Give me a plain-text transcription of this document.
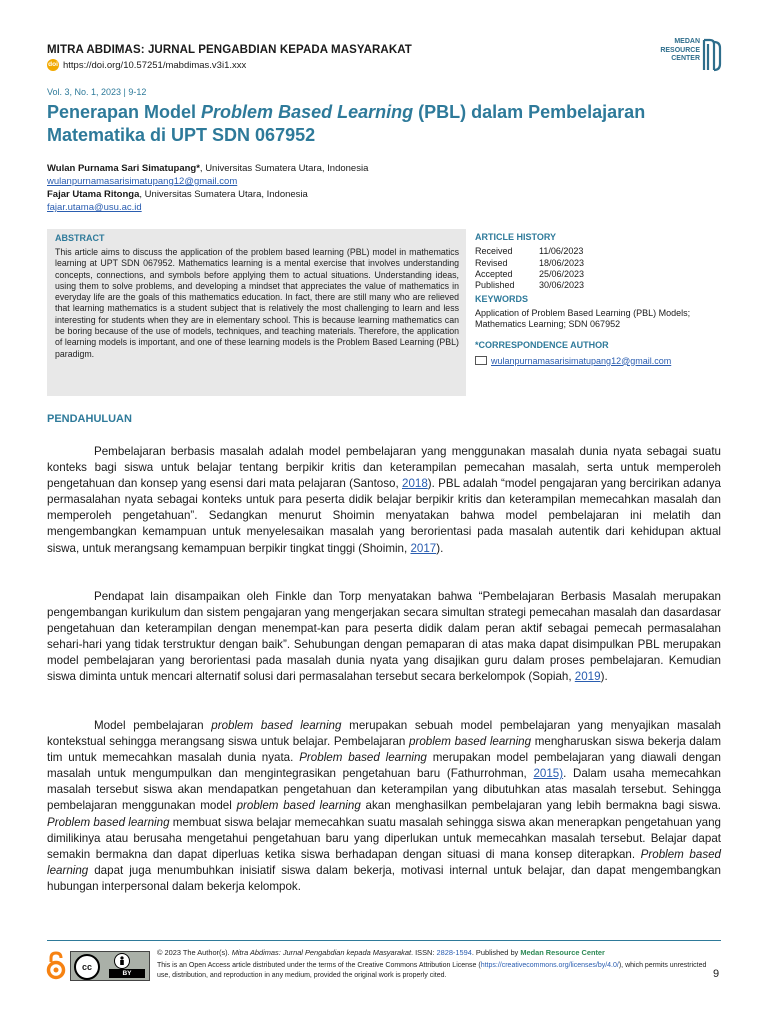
MITRA ABDIMAS: JURNAL PENGABDIAN KEPADA MASYARAKAT
doi https://doi.org/10.57251/mabdimas.v3i1.xxx
MEDAN
RESOURCE
CENTER
Vol. 3, No. 1, 2023 | 9-12
Penerapan Model Problem Based Learning (PBL) dalam Pembelajaran Matematika di UPT SDN 067952
Wulan Purnama Sari Simatupang*, Universitas Sumatera Utara, Indonesia
wulanpurnamasarisimatupang12@gmail.com
Fajar Utama Ritonga, Universitas Sumatera Utara, Indonesia
fajar.utama@usu.ac.id
ABSTRACT
This article aims to discuss the application of the problem based learning (PBL) model in mathematics learning at UPT SDN 067952. Mathematics learning is a mental exercise that involves understanding concepts, connections, and symbols before applying them to actual situations. Understanding ideas, using them to solve problems, and developing a mindset that appreciates the value of mathematics in everyday life are the goals of this mathematics education. In fact, there are still many who are relieved that learning mathematics is a student subject that is relatively the most challenging to learn and less interesting for students when they are in elementary school. This is because learning mathematics can be boring because of the use of models, techniques, and teaching materials. Therefore, the application of learning models is important, and one of these learning models is the Problem Based Learning (PBL) paradigm.
ARTICLE HISTORY
Received	11/06/2023
Revised	18/06/2023
Accepted	25/06/2023
Published	30/06/2023
KEYWORDS
Application of Problem Based Learning (PBL) Models; Mathematics Learning; SDN 067952
*CORRESPONDENCE AUTHOR
wulanpurnamasarisimatupang12@gmail.com
PENDAHULUAN

Pembelajaran berbasis masalah adalah model pembelajaran yang menggunakan masalah dunia nyata sebagai suatu konteks bagi siswa untuk belajar tentang berpikir kritis dan keterampilan pemecahan masalah, serta untuk memperoleh pengetahuan dan konsep yang esensi dari mata pelajaran (Santoso, 2018). PBL adalah “model pengajaran yang bercirikan adanya permasalahan nyata sebagai konteks untuk para peserta didik belajar berpikir kritis dan keterampilan memecahkan masalah dan memperoleh pengetahuan”. Sedangkan menurut Shoimin menyatakan bahwa model pembelajaran ini melatih dan mengembangkan kemampuan untuk menyelesaikan masalah yang berorientasi pada masalah autentik dari kehidupan aktual siswa, untuk merangsang kemampuan berpikir tingkat tinggi (Shoimin, 2017).

Pendapat lain disampaikan oleh Finkle dan Torp menyatakan bahwa “Pembelajaran Berbasis Masalah merupakan pengembangan kurikulum dan sistem pengajaran yang mengerjakan secara simultan strategi pemecahan masalah dan dasardasar pengetahuan dan keterampilan dengan menempat-kan para peserta didik dalam peran aktif sebagai pemecah permasalahan sehari-hari yang tidak terstruktur dengan baik”. Sehubungan dengan pemaparan di atas maka dapat disimpulkan PBL merupakan model pembelajaran yang berorientasi pada masalah dunia nyata yang disajikan guru dalam proses pembelajaran. Kemudian siswa diminta untuk mencari alternatif solusi dari permasalahan tersebut secara berkelompok (Sopiah, 2019).

Model pembelajaran problem based learning merupakan sebuah model pembelajaran yang menyajikan masalah kontekstual sehingga merangsang siswa untuk belajar. Pembelajaran problem based learning mengharuskan siswa bekerja dalam tim untuk memecahkan masalah dunia nyata. Problem based learning merupakan model pembelajaran yang diawali dengan masalah untuk mengumpulkan dan mengintegrasikan pengetahuan baru (Fathurrohman, 2015). Dalam usaha memecahkan masalah tersebut siswa akan mendapatkan pengetahuan dan keterampilan yang dibutuhkan atas masalah tersebut. Sehingga pembelajaran menggunakan model problem based learning akan menghasilkan pembelajaran yang lebih bermakna bagi siswa. Problem based learning membuat siswa belajar memecahkan suatu masalah sehingga siswa akan menerapkan pengetahuan yang dimilikinya atau berusaha mengetahui pengetahuan baru yang diperlukan untuk memecahkan masalah tersebut. Belajar dapat semakin bermakna dan dapat diperluas ketika siswa berhadapan dengan situasi di mana konsep diterapkan. Problem based learning dapat juga menumbuhkan inisiatif siswa dalam bekerja, motivasi internal untuk belajar, dan dapat mengembangkan hubungan interpersonal dalam bekerja kelompok.

cc
BY
© 2023 The Author(s). Mitra Abdimas: Jurnal Pengabdian kepada Masyarakat. ISSN: 2828-1594. Published by Medan Resource Center
This is an Open Access article distributed under the terms of the Creative Commons Attribution License (https://creativecommons.org/licenses/by/4.0/), which permits unrestricted use, distribution, and reproduction in any medium, provided the original work is properly cited.	9
